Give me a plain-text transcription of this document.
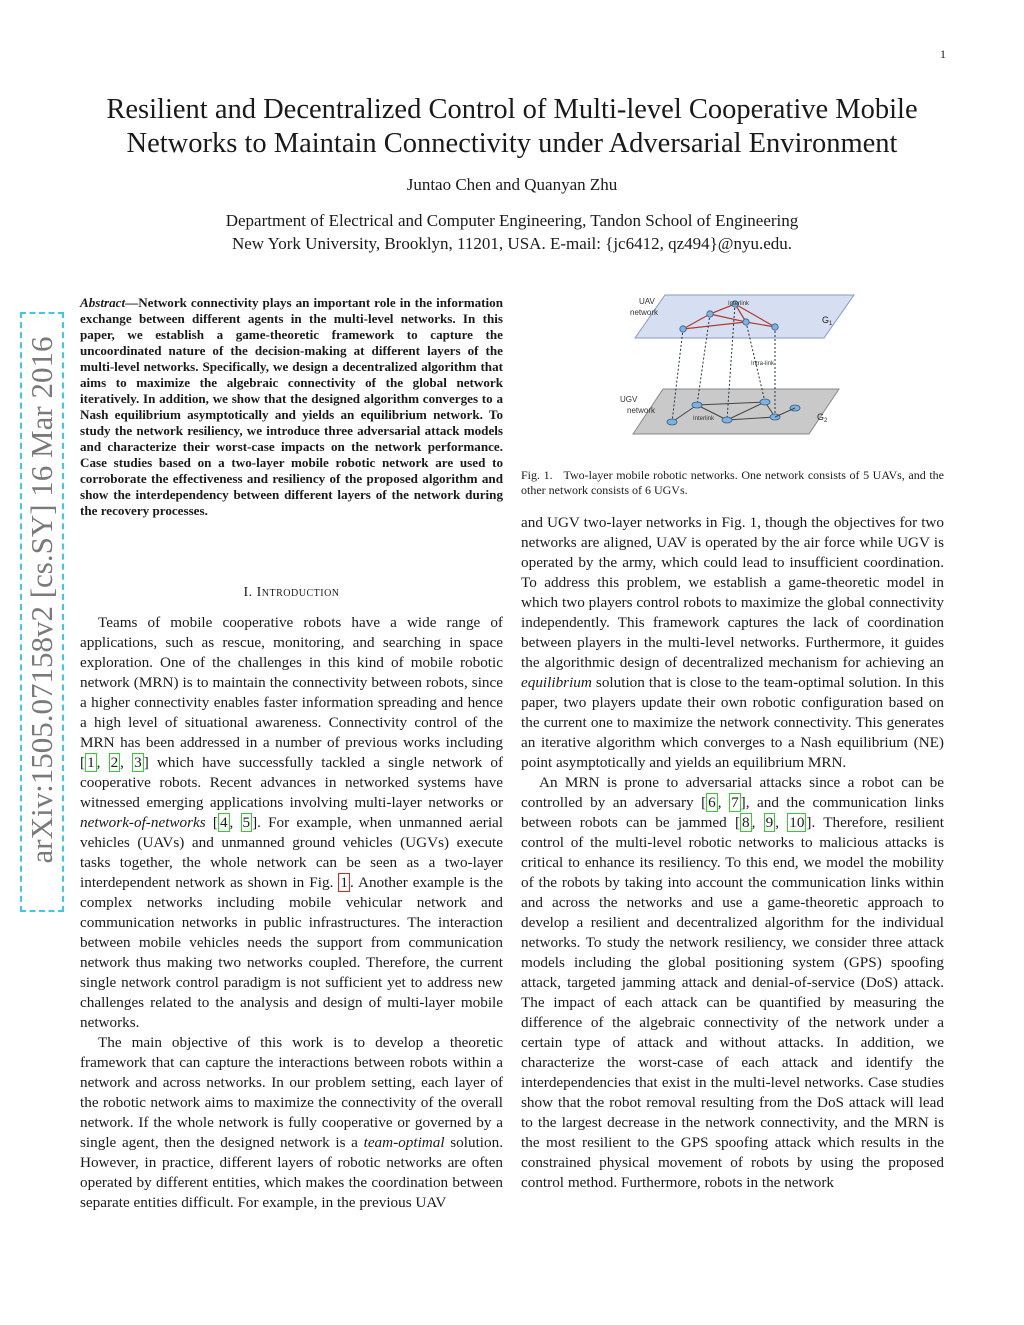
1
arXiv:1505.07158v2 [cs.SY] 16 Mar 2016
Resilient and Decentralized Control of Multi-level Cooperative Mobile Networks to Maintain Connectivity under Adversarial Environment
Juntao Chen and Quanyan Zhu
Department of Electrical and Computer Engineering, Tandon School of Engineering
New York University, Brooklyn, 11201, USA. E-mail: {jc6412, qz494}@nyu.edu.
Abstract—Network connectivity plays an important role in the information exchange between different agents in the multi-level networks. In this paper, we establish a game-theoretic framework to capture the uncoordinated nature of the decision-making at different layers of the multi-level networks. Specifically, we design a decentralized algorithm that aims to maximize the algebraic connectivity of the global network iteratively. In addition, we show that the designed algorithm converges to a Nash equilibrium asymptotically and yields an equilibrium network. To study the network resiliency, we introduce three adversarial attack models and characterize their worst-case impacts on the network performance. Case studies based on a two-layer mobile robotic network are used to corroborate the effectiveness and resiliency of the proposed algorithm and show the interdependency between different layers of the network during the recovery processes.
I. Introduction

Teams of mobile cooperative robots have a wide range of applications, such as rescue, monitoring, and searching in space exploration. One of the challenges in this kind of mobile robotic network (MRN) is to maintain the connectivity between robots, since a higher connectivity enables faster information spreading and hence a high level of situational awareness. Connectivity control of the MRN has been addressed in a number of previous works including [ 1 , 2 , 3 ] which have successfully tackled a single network of cooperative robots. Recent advances in networked systems have witnessed emerging applications involving multi-layer networks or network-of-networks [ 4 , 5 ]. For example, when unmanned aerial vehicles (UAVs) and unmanned ground vehicles (UGVs) execute tasks together, the whole network can be seen as a two-layer interdependent network as shown in Fig. 1 . Another example is the complex networks including mobile vehicular network and communication networks in public infrastructures. The interaction between mobile vehicles needs the support from communication network thus making two networks coupled. Therefore, the current single network control paradigm is not sufficient yet to address new challenges related to the analysis and design of multi-layer mobile networks.

The main objective of this work is to develop a theoretic framework that can capture the interactions between robots within a network and across networks. In our problem setting, each layer of the robotic network aims to maximize the connectivity of the overall network. If the whole network is fully cooperative or governed by a single agent, then the designed network is a team-optimal solution. However, in practice, different layers of robotic networks are often operated by different entities, which makes the coordination between separate entities difficult. For example, in the previous UAV

UAV
network
UGV
network
Interlink
Intra-link
Interlink
$G_1$
$G_2$
Fig. 1. Two-layer mobile robotic networks. One network consists of 5 UAVs, and the other network consists of 6 UGVs.

and UGV two-layer networks in Fig. 1, though the objectives for two networks are aligned, UAV is operated by the air force while UGV is operated by the army, which could lead to insufficient coordination. To address this problem, we establish a game-theoretic model in which two players control robots to maximize the global connectivity independently. This framework captures the lack of coordination between players in the multi-level networks. Furthermore, it guides the algorithmic design of decentralized mechanism for achieving an equilibrium solution that is close to the team-optimal solution. In this paper, two players update their own robotic configuration based on the current one to maximize the network connectivity. This generates an iterative algorithm which converges to a Nash equilibrium (NE) point asymptotically and yields an equilibrium MRN.

An MRN is prone to adversarial attacks since a robot can be controlled by an adversary [ 6 , 7 ], and the communication links between robots can be jammed [ 8 , 9 , 10 ]. Therefore, resilient control of the multi-level robotic networks to malicious attacks is critical to enhance its resiliency. To this end, we model the mobility of the robots by taking into account the communication links within and across the networks and use a game-theoretic approach to develop a resilient and decentralized algorithm for the individual networks. To study the network resiliency, we consider three attack models including the global positioning system (GPS) spoofing attack, targeted jamming attack and denial-of-service (DoS) attack. The impact of each attack can be quantified by measuring the difference of the algebraic connectivity of the network under a certain type of attack and without attacks. In addition, we characterize the worst-case of each attack and identify the interdependencies that exist in the multi-level networks. Case studies show that the robot removal resulting from the DoS attack will lead to the largest decrease in the network connectivity, and the MRN is the most resilient to the GPS spoofing attack which results in the constrained physical movement of robots by using the proposed control method. Furthermore, robots in the network
